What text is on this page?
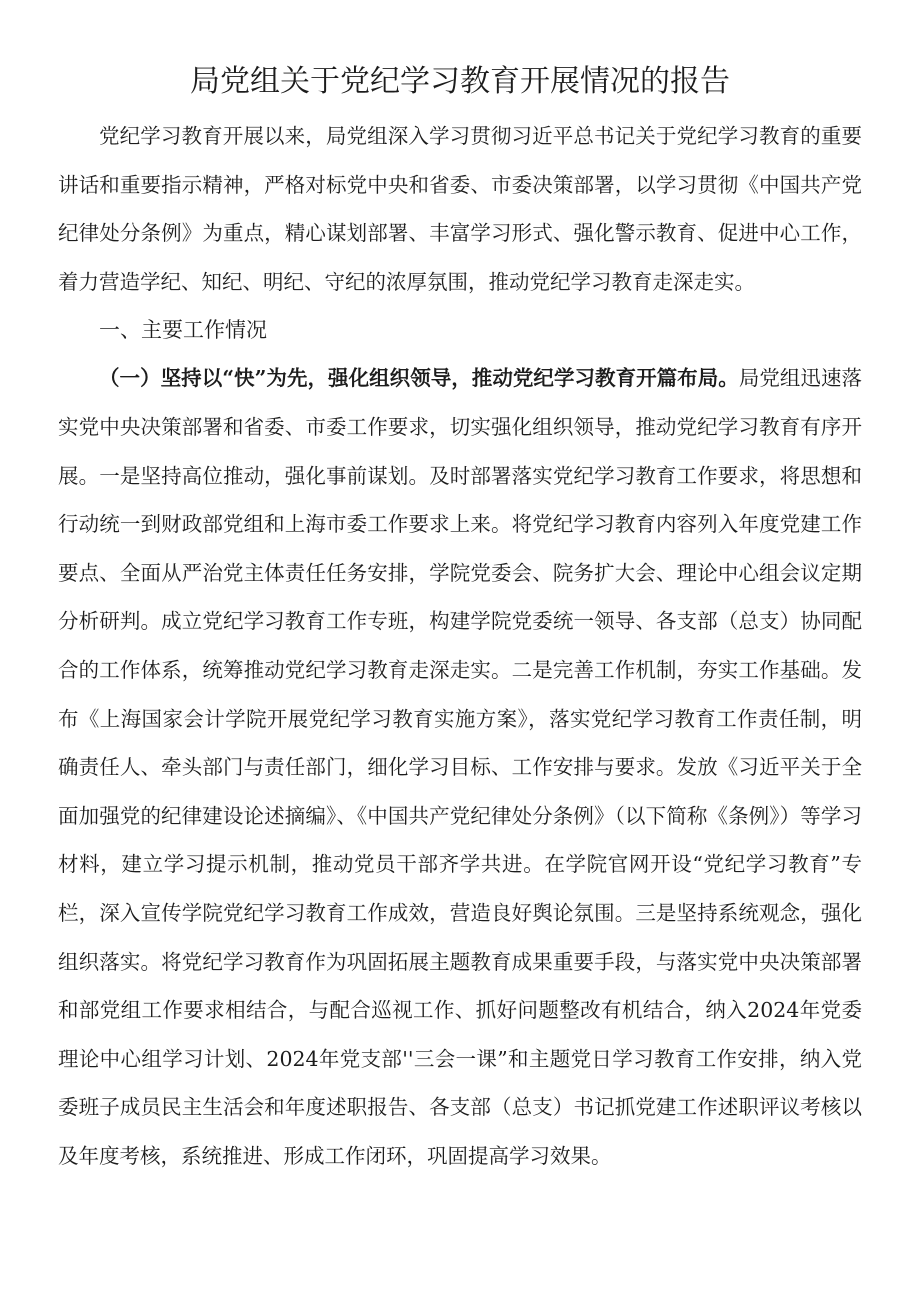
局党组关于党纪学习教育开展情况的报告

党纪学习教育开展以来，局党组深入学习贯彻习近平总书记关于党纪学习教育的重要讲话和重要指示精神，严格对标党中央和省委、市委决策部署，以学习贯彻《中国共产党纪律处分条例》为重点，精心谋划部署、丰富学习形式、强化警示教育、促进中心工作，着力营造学纪、知纪、明纪、守纪的浓厚氛围，推动党纪学习教育走深走实。

一、主要工作情况

（一）坚持以“快”为先，强化组织领导，推动党纪学习教育开篇布局。局党组迅速落实党中央决策部署和省委、市委工作要求，切实强化组织领导，推动党纪学习教育有序开展。一是坚持高位推动，强化事前谋划。及时部署落实党纪学习教育工作要求，将思想和行动统一到财政部党组和上海市委工作要求上来。将党纪学习教育内容列入年度党建工作要点、全面从严治党主体责任任务安排，学院党委会、院务扩大会、理论中心组会议定期分析研判。成立党纪学习教育工作专班，构建学院党委统一领导、各支部（总支）协同配合的工作体系，统筹推动党纪学习教育走深走实。二是完善工作机制，夯实工作基础。发布《上海国家会计学院开展党纪学习教育实施方案》，落实党纪学习教育工作责任制，明确责任人、牵头部门与责任部门，细化学习目标、工作安排与要求。发放《习近平关于全面加强党的纪律建设论述摘编》、《中国共产党纪律处分条例》（以下简称《条例》）等学习材料，建立学习提示机制，推动党员干部齐学共进。在学院官网开设“党纪学习教育”专栏，深入宣传学院党纪学习教育工作成效，营造良好舆论氛围。三是坚持系统观念，强化组织落实。将党纪学习教育作为巩固拓展主题教育成果重要手段，与落实党中央决策部署和部党组工作要求相结合，与配合巡视工作、抓好问题整改有机结合，纳入2024年党委理论中心组学习计划、2024年党支部''三会一课”和主题党日学习教育工作安排，纳入党委班子成员民主生活会和年度述职报告、各支部（总支）书记抓党建工作述职评议考核以及年度考核，系统推进、形成工作闭环，巩固提高学习效果。
